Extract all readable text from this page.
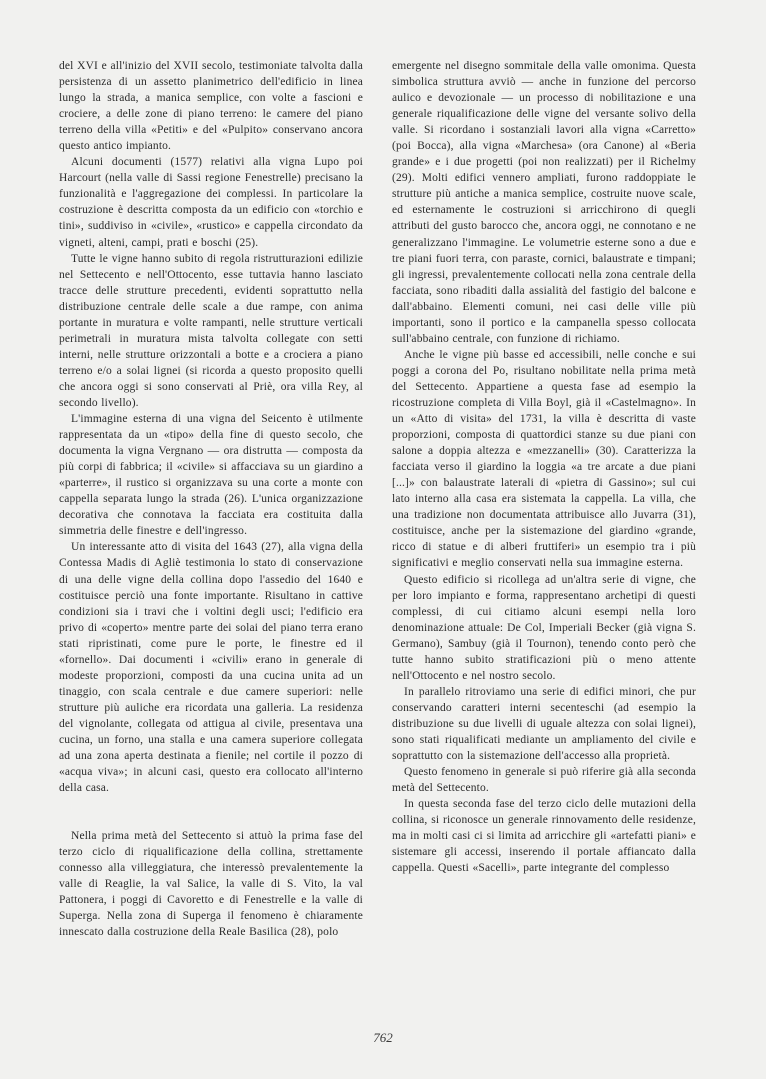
del XVI e all'inizio del XVII secolo, testimoniate talvolta dalla persistenza di un assetto planimetrico dell'edificio in linea lungo la strada, a manica semplice, con volte a fascioni e crociere, a delle zone di piano terreno: le camere del piano terreno della villa «Petiti» e del «Pulpito» conservano ancora questo antico impianto.

Alcuni documenti (1577) relativi alla vigna Lupo poi Harcourt (nella valle di Sassi regione Fenestrelle) precisano la funzionalità e l'aggregazione dei complessi. In particolare la costruzione è descritta composta da un edificio con «torchio e tini», suddiviso in «civile», «rustico» e cappella circondato da vigneti, alteni, campi, prati e boschi (25).

Tutte le vigne hanno subito di regola ristrutturazioni edilizie nel Settecento e nell'Ottocento, esse tuttavia hanno lasciato tracce delle strutture precedenti, evidenti soprattutto nella distribuzione centrale delle scale a due rampe, con anima portante in muratura e volte rampanti, nelle strutture verticali perimetrali in muratura mista talvolta collegate con setti interni, nelle strutture orizzontali a botte e a crociera a piano terreno e/o a solai lignei (si ricorda a questo proposito quelli che ancora oggi si sono conservati al Priè, ora villa Rey, al secondo livello).

L'immagine esterna di una vigna del Seicento è utilmente rappresentata da un «tipo» della fine di questo secolo, che documenta la vigna Vergnano — ora distrutta — composta da più corpi di fabbrica; il «civile» si affacciava su un giardino a «parterre», il rustico si organizzava su una corte a monte con cappella separata lungo la strada (26). L'unica organizzazione decorativa che connotava la facciata era costituita dalla simmetria delle finestre e dell'ingresso.

Un interessante atto di visita del 1643 (27), alla vigna della Contessa Madis di Agliè testimonia lo stato di conservazione di una delle vigne della collina dopo l'assedio del 1640 e costituisce perciò una fonte importante. Risultano in cattive condizioni sia i travi che i voltini degli usci; l'edificio era privo di «coperto» mentre parte dei solai del piano terra erano stati ripristinati, come pure le porte, le finestre ed il «fornello». Dai documenti i «civili» erano in generale di modeste proporzioni, composti da una cucina unita ad un tinaggio, con scala centrale e due camere superiori: nelle strutture più auliche era ricordata una galleria. La residenza del vignolante, collegata od attigua al civile, presentava una cucina, un forno, una stalla e una camera superiore collegata ad una zona aperta destinata a fienile; nel cortile il pozzo di «acqua viva»; in alcuni casi, questo era collocato all'interno della casa.

Nella prima metà del Settecento si attuò la prima fase del terzo ciclo di riqualificazione della collina, strettamente connesso alla villeggiatura, che interessò prevalentemente la valle di Reaglie, la val Salice, la valle di S. Vito, la val Pattonera, i poggi di Cavoretto e di Fenestrelle e la valle di Superga. Nella zona di Superga il fenomeno è chiaramente innescato dalla costruzione della Reale Basilica (28), polo

emergente nel disegno sommitale della valle omonima. Questa simbolica struttura avviò — anche in funzione del percorso aulico e devozionale — un processo di nobilitazione e una generale riqualificazione delle vigne del versante solivo della valle. Si ricordano i sostanziali lavori alla vigna «Carretto» (poi Bocca), alla vigna «Marchesa» (ora Canone) al «Beria grande» e i due progetti (poi non realizzati) per il Richelmy (29). Molti edifici vennero ampliati, furono raddoppiate le strutture più antiche a manica semplice, costruite nuove scale, ed esternamente le costruzioni si arricchirono di quegli attributi del gusto barocco che, ancora oggi, ne connotano e ne generalizzano l'immagine. Le volumetrie esterne sono a due e tre piani fuori terra, con paraste, cornici, balaustrate e timpani; gli ingressi, prevalentemente collocati nella zona centrale della facciata, sono ribaditi dalla assialità del fastigio del balcone e dall'abbaino. Elementi comuni, nei casi delle ville più importanti, sono il portico e la campanella spesso collocata sull'abbaino centrale, con funzione di richiamo.

Anche le vigne più basse ed accessibili, nelle conche e sui poggi a corona del Po, risultano nobilitate nella prima metà del Settecento. Appartiene a questa fase ad esempio la ricostruzione completa di Villa Boyl, già il «Castelmagno». In un «Atto di visita» del 1731, la villa è descritta di vaste proporzioni, composta di quattordici stanze su due piani con salone a doppia altezza e «mezzanelli» (30). Caratterizza la facciata verso il giardino la loggia «a tre arcate a due piani [...]» con balaustrate laterali di «pietra di Gassino»; sul cui lato interno alla casa era sistemata la cappella. La villa, che una tradizione non documentata attribuisce allo Juvarra (31), costituisce, anche per la sistemazione del giardino «grande, ricco di statue e di alberi fruttiferi» un esempio tra i più significativi e meglio conservati nella sua immagine esterna.

Questo edificio si ricollega ad un'altra serie di vigne, che per loro impianto e forma, rappresentano archetipi di questi complessi, di cui citiamo alcuni esempi nella loro denominazione attuale: De Col, Imperiali Becker (già vigna S. Germano), Sambuy (già il Tournon), tenendo conto però che tutte hanno subito stratificazioni più o meno attente nell'Ottocento e nel nostro secolo.

In parallelo ritroviamo una serie di edifici minori, che pur conservando caratteri interni secenteschi (ad esempio la distribuzione su due livelli di uguale altezza con solai lignei), sono stati riqualificati mediante un ampliamento del civile e soprattutto con la sistemazione dell'accesso alla proprietà.

Questo fenomeno in generale si può riferire già alla seconda metà del Settecento.

In questa seconda fase del terzo ciclo delle mutazioni della collina, si riconosce un generale rinnovamento delle residenze, ma in molti casi ci si limita ad arricchire gli «artefatti piani» e sistemare gli accessi, inserendo il portale affiancato dalla cappella. Questi «Sacelli», parte integrante del complesso

762
